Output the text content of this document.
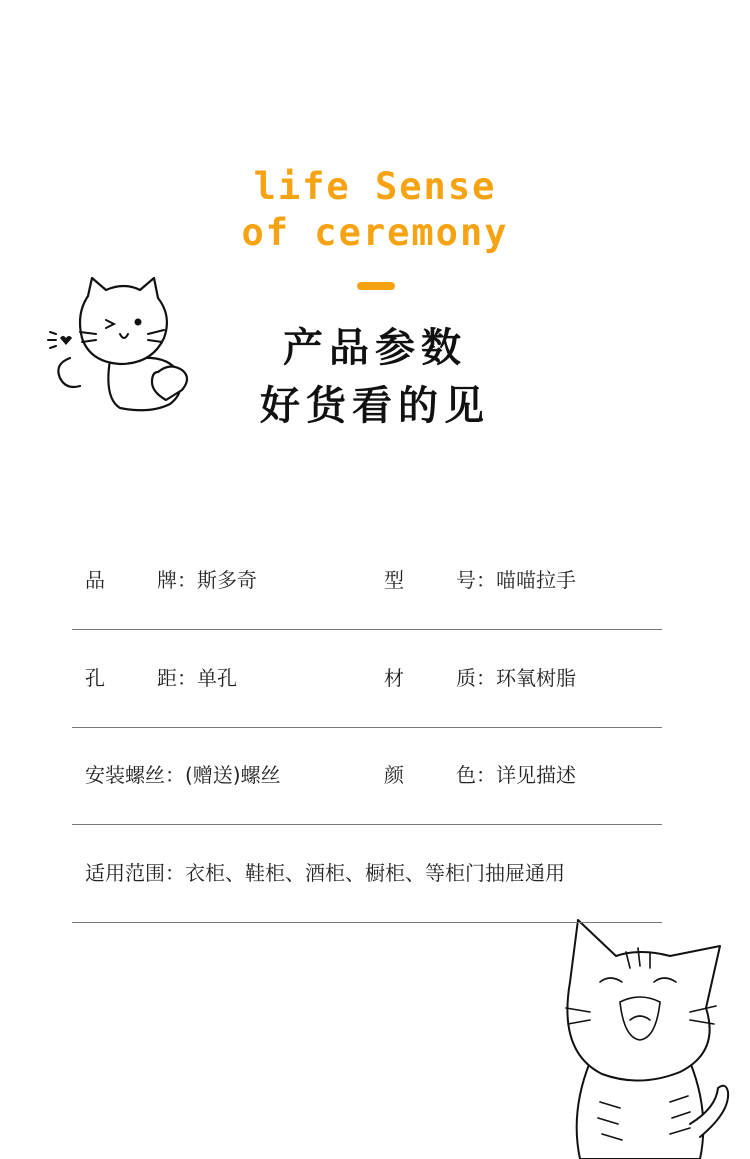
life Sense
of ceremony
产品参数
好货看的见
品　　牌：斯多奇	型　　号：喵喵拉手
孔　　距：单孔	材　　质：环氧树脂
安装螺丝：(赠送)螺丝	颜　　色：详见描述
适用范围：衣柜、鞋柜、酒柜、橱柜、等柜门抽屉通用
